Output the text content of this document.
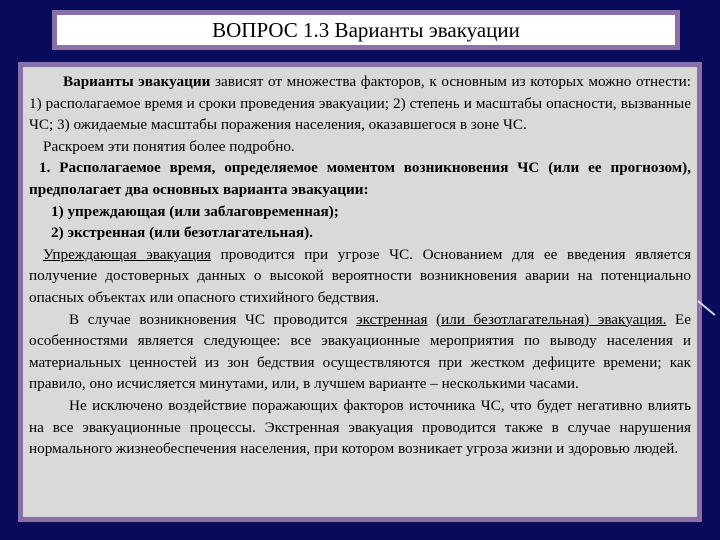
ВОПРОС 1.3 Варианты эвакуации

Варианты эвакуации зависят от множества факторов, к основным из которых можно отнести: 1) располагаемое время и сроки проведения эвакуации; 2) степень и масштабы опасности, вызванные ЧС; 3) ожидаемые масштабы поражения населения, оказавшегося в зоне ЧС.

Раскроем эти понятия более подробно.

1. Располагаемое время, определяемое моментом возникновения ЧС (или ее прогнозом), предполагает два основных варианта эвакуации:

1) упреждающая (или заблаговременная);

2) экстренная (или безотлагательная).

Упреждающая эвакуация проводится при угрозе ЧС. Основанием для ее введения является получение достоверных данных о высокой вероятности возникновения аварии на потенциально опасных объектах или опасного стихийного бедствия.

В случае возникновения ЧС проводится экстренная (или безотлагательная) эвакуация. Ее особенностями является следующее: все эвакуационные мероприятия по выводу населения и материальных ценностей из зон бедствия осуществляются при жестком дефиците времени; как правило, оно исчисляется минутами, или, в лучшем варианте – несколькими часами.

Не исключено воздействие поражающих факторов источника ЧС, что будет негативно влиять на все эвакуационные процессы. Экстренная эвакуация проводится также в случае нарушения нормального жизнеобеспечения населения, при котором возникает угроза жизни и здоровью людей.
